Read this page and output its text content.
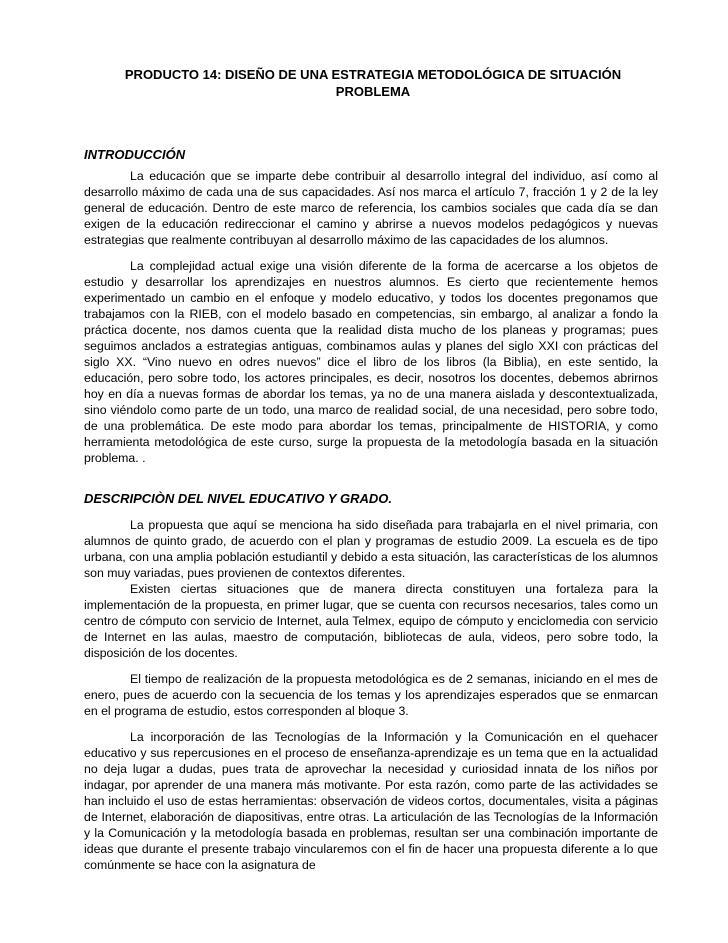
PRODUCTO 14: DISEÑO DE UNA ESTRATEGIA METODOLÓGICA DE SITUACIÓN
PROBLEMA
INTRODUCCIÓN

La educación que se imparte debe contribuir al desarrollo integral del individuo, así como al desarrollo máximo de cada una de sus capacidades. Así nos marca el artículo 7, fracción 1 y 2 de la ley general de educación. Dentro de este marco de referencia, los cambios sociales que cada día se dan exigen de la educación redireccionar el camino y abrirse a nuevos modelos pedagógicos y nuevas estrategias que realmente contribuyan al desarrollo máximo de las capacidades de los alumnos.

La complejidad actual exige una visión diferente de la forma de acercarse a los objetos de estudio y desarrollar los aprendizajes en nuestros alumnos. Es cierto que recientemente hemos experimentado un cambio en el enfoque y modelo educativo, y todos los docentes pregonamos que trabajamos con la RIEB, con el modelo basado en competencias, sin embargo, al analizar a fondo la práctica docente, nos damos cuenta que la realidad dista mucho de los planeas y programas; pues seguimos anclados a estrategias antiguas, combinamos aulas y planes del siglo XXI con prácticas del siglo XX. “Vino nuevo en odres nuevos” dice el libro de los libros (la Biblia), en este sentido, la educación, pero sobre todo, los actores principales, es decir, nosotros los docentes, debemos abrirnos hoy en día a nuevas formas de abordar los temas, ya no de una manera aislada y descontextualizada, sino viéndolo como parte de un todo, una marco de realidad social, de una necesidad, pero sobre todo, de una problemática. De este modo para abordar los temas, principalmente de HISTORIA, y como herramienta metodológica de este curso, surge la propuesta de la metodología basada en la situación problema. .

DESCRIPCIÒN DEL NIVEL EDUCATIVO Y GRADO.

La propuesta que aquí se menciona ha sido diseñada para trabajarla en el nivel primaria, con alumnos de quinto grado, de acuerdo con el plan y programas de estudio 2009. La escuela es de tipo urbana, con una amplia población estudiantil y debido a esta situación, las características de los alumnos son muy variadas, pues provienen de contextos diferentes.

Existen ciertas situaciones que de manera directa constituyen una fortaleza para la implementación de la propuesta, en primer lugar, que se cuenta con recursos necesarios, tales como un centro de cómputo con servicio de Internet, aula Telmex, equipo de cómputo y enciclomedia con servicio de Internet en las aulas, maestro de computación, bibliotecas de aula, videos, pero sobre todo, la disposición de los docentes.

El tiempo de realización de la propuesta metodológica es de 2 semanas, iniciando en el mes de enero, pues de acuerdo con la secuencia de los temas y los aprendizajes esperados que se enmarcan en el programa de estudio, estos corresponden al bloque 3.

La incorporación de las Tecnologías de la Información y la Comunicación en el quehacer educativo y sus repercusiones en el proceso de enseñanza-aprendizaje es un tema que en la actualidad no deja lugar a dudas, pues trata de aprovechar la necesidad y curiosidad innata de los niños por indagar, por aprender de una manera más motivante. Por esta razón, como parte de las actividades se han incluido el uso de estas herramientas: observación de videos cortos, documentales, visita a páginas de Internet, elaboración de diapositivas, entre otras. La articulación de las Tecnologías de la Información y la Comunicación y la metodología basada en problemas, resultan ser una combinación importante de ideas que durante el presente trabajo vincularemos con el fin de hacer una propuesta diferente a lo que comúnmente se hace con la asignatura de
